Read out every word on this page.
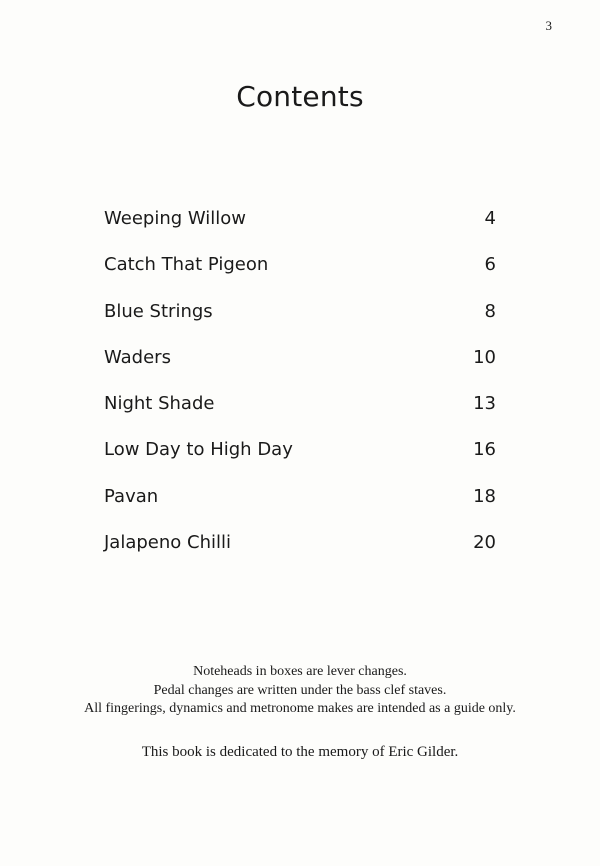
3
Contents
Weeping Willow	4
Catch That Pigeon	6
Blue Strings	8
Waders	10
Night Shade	13
Low Day to High Day	16
Pavan	18
Jalapeno Chilli	20

Noteheads in boxes are lever changes.

Pedal changes are written under the bass clef staves.

All fingerings, dynamics and metronome makes are intended as a guide only.

This book is dedicated to the memory of Eric Gilder.
